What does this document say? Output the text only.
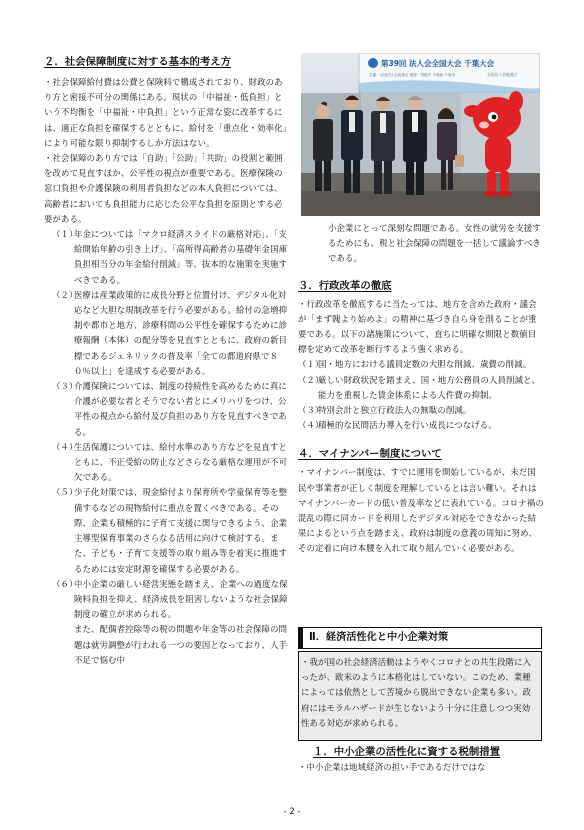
２．社会保障制度に対する基本的考え方
・社会保障給付費は公費と保険料で構成されており、財政のあり方と密接不可分の関係にある。現状の「中福祉・低負担」という不均衡を「中福祉・中負担」という正常な姿に改革するには、適正な負担を確保するとともに、給付を「重点化・効率化」により可能な限り抑制するしか方法はない。
・社会保障のあり方では「自助」「公助」「共助」の役割と範囲を改めて見直すほか、公平性の視点が重要である。医療保険の窓口負担や介護保険の利用者負担などの本人負担については、高齢者においても負担能力に応じた公平な負担を原則とする必要がある。
（１）
年金については「マクロ経済スライドの厳格対応」、「支給開始年齢の引き上げ」、「高所得高齢者の基礎年金国庫負担相当分の年金給付削減」等、抜本的な施策を実施すべきである。
（２）
医療は産業政策的に成長分野と位置付け、デジタル化対応など大胆な規制改革を行う必要がある。給付の急増抑制や都市と地方、診療科間の公平性を確保するために診療報酬（本体）の配分等を見直すとともに、政府の新目標であるジェネリックの普及率「全ての都道府県で８０％以上」を達成する必要がある。
（３）
介護保険については、制度の持続性を高めるために真に介護が必要な者とそうでない者とにメリハリをつけ、公平性の視点から給付及び負担のあり方を見直すべきである。
（４）
生活保護については、給付水準のあり方などを見直すとともに、不正受給の防止などさらなる厳格な運用が不可欠である。
（５）
少子化対策では、現金給付より保育所や学童保育等を整備するなどの現物給付に重点を置くべきである。その際、企業も積極的に子育て支援に関与できるよう、企業主導型保育事業のさらなる活用に向けて検討する。また、子ども・子育て支援等の取り組み等を着実に推進するためには安定財源を確保する必要がある。
（６）
中小企業の厳しい経営実態を踏まえ、企業への過度な保険料負担を抑え、経済成長を阻害しないような社会保障制度の確立が求められる。
また、配偶者控除等の税の問題や年金等の社会保障の問題は就労調整が行われる一つの要因となっており、人手不足で悩む中
第39回 法人会全国大会 千葉大会
主催：全国法人会総連合 後援：国税庁 千葉県 千葉市	全国法人会総連合
小企業にとって深刻な問題である。女性の就労を支援するためにも、税と社会保障の問題を一括して議論すべきである。
３．行政改革の徹底
・行政改革を徹底するに当たっては、地方を含めた政府・議会が「まず隗より始めよ」の精神に基づき自ら身を削ることが重要である。以下の諸施策について、直ちに明確な期限と数値目標を定めて改革を断行するよう強く求める。
（１）
国・地方における議員定数の大胆な削減、歳費の削減。
（２）
厳しい財政状況を踏まえ、国・地方公務員の人員削減と、能力を重視した賃金体系による人件費の抑制。
（３）
特別会計と独立行政法人の無駄の削減。
（４）
積極的な民間活力導入を行い成長につなげる。
４．マイナンバー制度について
・マイナンバー制度は、すでに運用を開始しているが、未だ国民や事業者が正しく制度を理解しているとは言い難い。それはマイナンバーカードの低い普及率などに表れている。コロナ禍の混乱の際に同カードを利用したデジタル対応をできなかった結果によるという点を踏まえ、政府は制度の意義の周知に努め、その定着に向け本腰を入れて取り組んでいく必要がある。
Ⅱ．経済活性化と中小企業対策
・我が国の社会経済活動はようやくコロナとの共生段階に入ったが、欧米のように本格化はしていない。このため、業種によっては依然として苦境から脱出できない企業も多い。政府にはモラルハザードが生じないよう十分に注意しつつ実効性ある対応が求められる。
１．中小企業の活性化に資する税制措置
・中小企業は地域経済の担い手であるだけではな
- 2 -
